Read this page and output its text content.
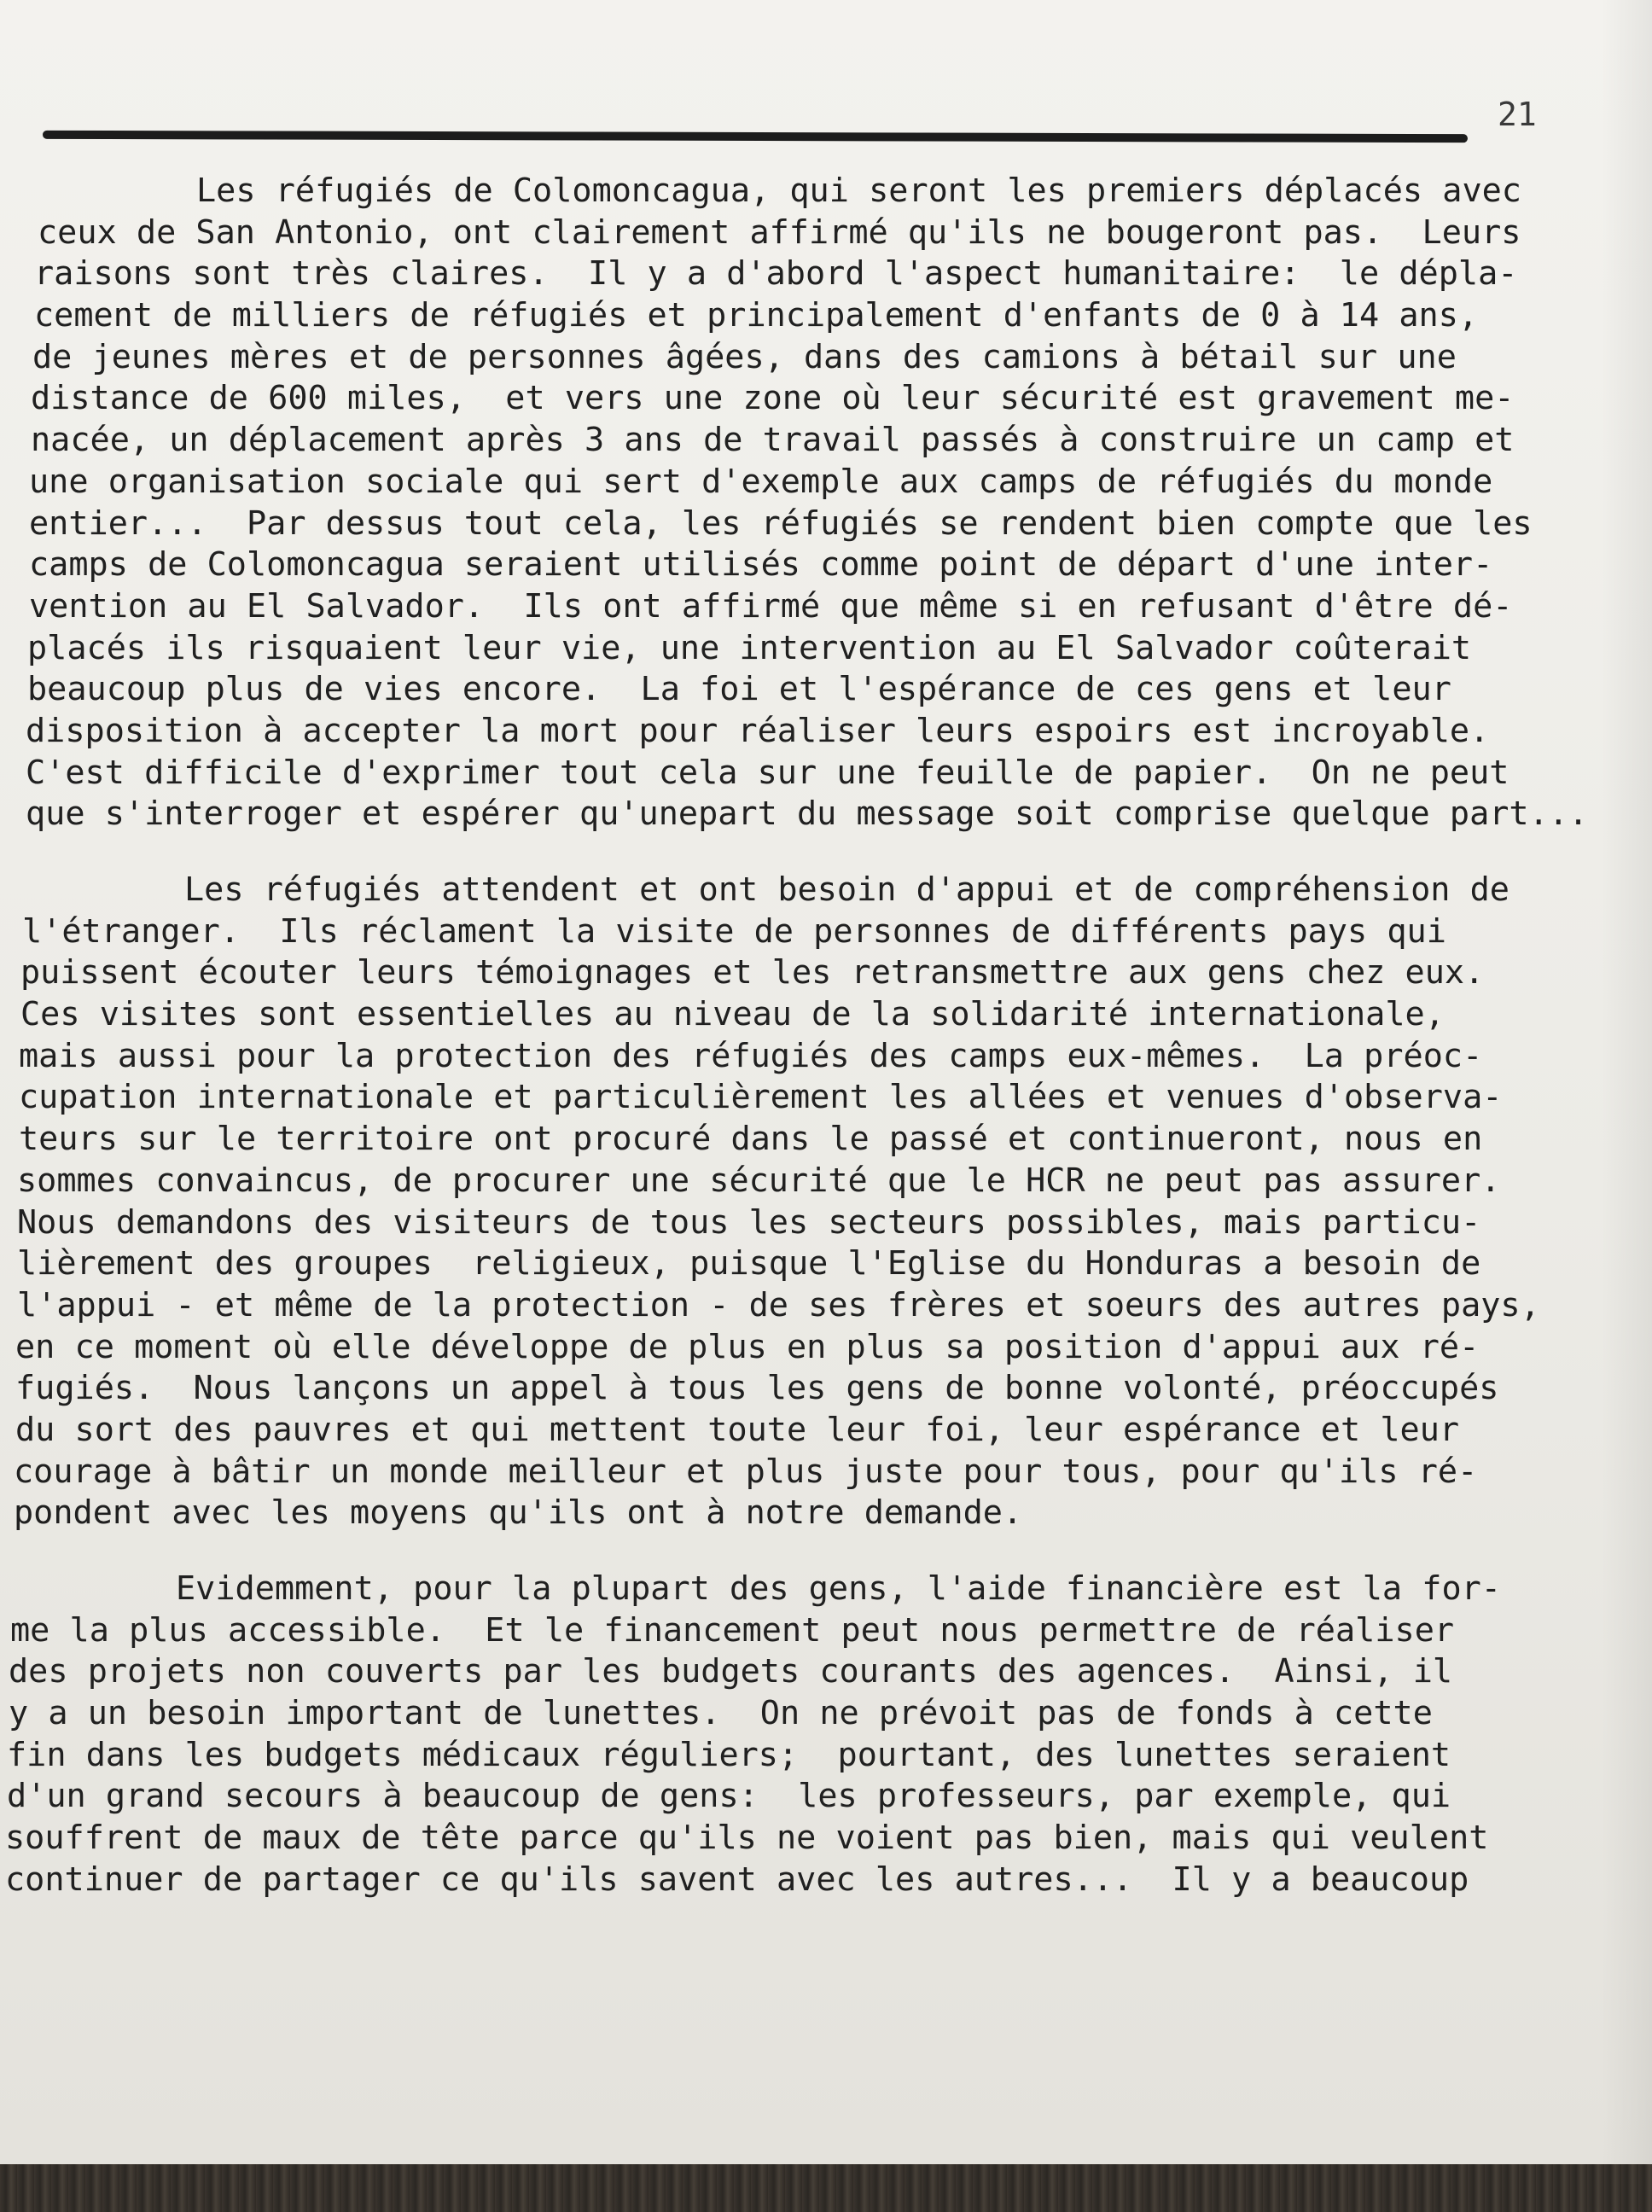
21
Les réfugiés de Colomoncagua, qui seront les premiers déplacés avec
ceux de San Antonio, ont clairement affirmé qu'ils ne bougeront pas.  Leurs
raisons sont très claires.  Il y a d'abord l'aspect humanitaire:  le dépla-
cement de milliers de réfugiés et principalement d'enfants de 0 à 14 ans,
de jeunes mères et de personnes âgées, dans des camions à bétail sur une
distance de 600 miles,  et vers une zone où leur sécurité est gravement me-
nacée, un déplacement après 3 ans de travail passés à construire un camp et
une organisation sociale qui sert d'exemple aux camps de réfugiés du monde
entier...  Par dessus tout cela, les réfugiés se rendent bien compte que les
camps de Colomoncagua seraient utilisés comme point de départ d'une inter-
vention au El Salvador.  Ils ont affirmé que même si en refusant d'être dé-
placés ils risquaient leur vie, une intervention au El Salvador coûterait
beaucoup plus de vies encore.  La foi et l'espérance de ces gens et leur
disposition à accepter la mort pour réaliser leurs espoirs est incroyable.
C'est difficile d'exprimer tout cela sur une feuille de papier.  On ne peut
que s'interroger et espérer qu'unepart du message soit comprise quelque part...
Les réfugiés attendent et ont besoin d'appui et de compréhension de
l'étranger.  Ils réclament la visite de personnes de différents pays qui
puissent écouter leurs témoignages et les retransmettre aux gens chez eux.
Ces visites sont essentielles au niveau de la solidarité internationale,
mais aussi pour la protection des réfugiés des camps eux-mêmes.  La préoc-
cupation internationale et particulièrement les allées et venues d'observa-
teurs sur le territoire ont procuré dans le passé et continueront, nous en
sommes convaincus, de procurer une sécurité que le HCR ne peut pas assurer.
Nous demandons des visiteurs de tous les secteurs possibles, mais particu-
lièrement des groupes  religieux, puisque l'Eglise du Honduras a besoin de
l'appui - et même de la protection - de ses frères et soeurs des autres pays,
en ce moment où elle développe de plus en plus sa position d'appui aux ré-
fugiés.  Nous lançons un appel à tous les gens de bonne volonté, préoccupés
du sort des pauvres et qui mettent toute leur foi, leur espérance et leur
courage à bâtir un monde meilleur et plus juste pour tous, pour qu'ils ré-
pondent avec les moyens qu'ils ont à notre demande.
Evidemment, pour la plupart des gens, l'aide financière est la for-
me la plus accessible.  Et le financement peut nous permettre de réaliser
des projets non couverts par les budgets courants des agences.  Ainsi, il
y a un besoin important de lunettes.  On ne prévoit pas de fonds à cette
fin dans les budgets médicaux réguliers;  pourtant, des lunettes seraient
d'un grand secours à beaucoup de gens:  les professeurs, par exemple, qui
souffrent de maux de tête parce qu'ils ne voient pas bien, mais qui veulent
continuer de partager ce qu'ils savent avec les autres...  Il y a beaucoup
